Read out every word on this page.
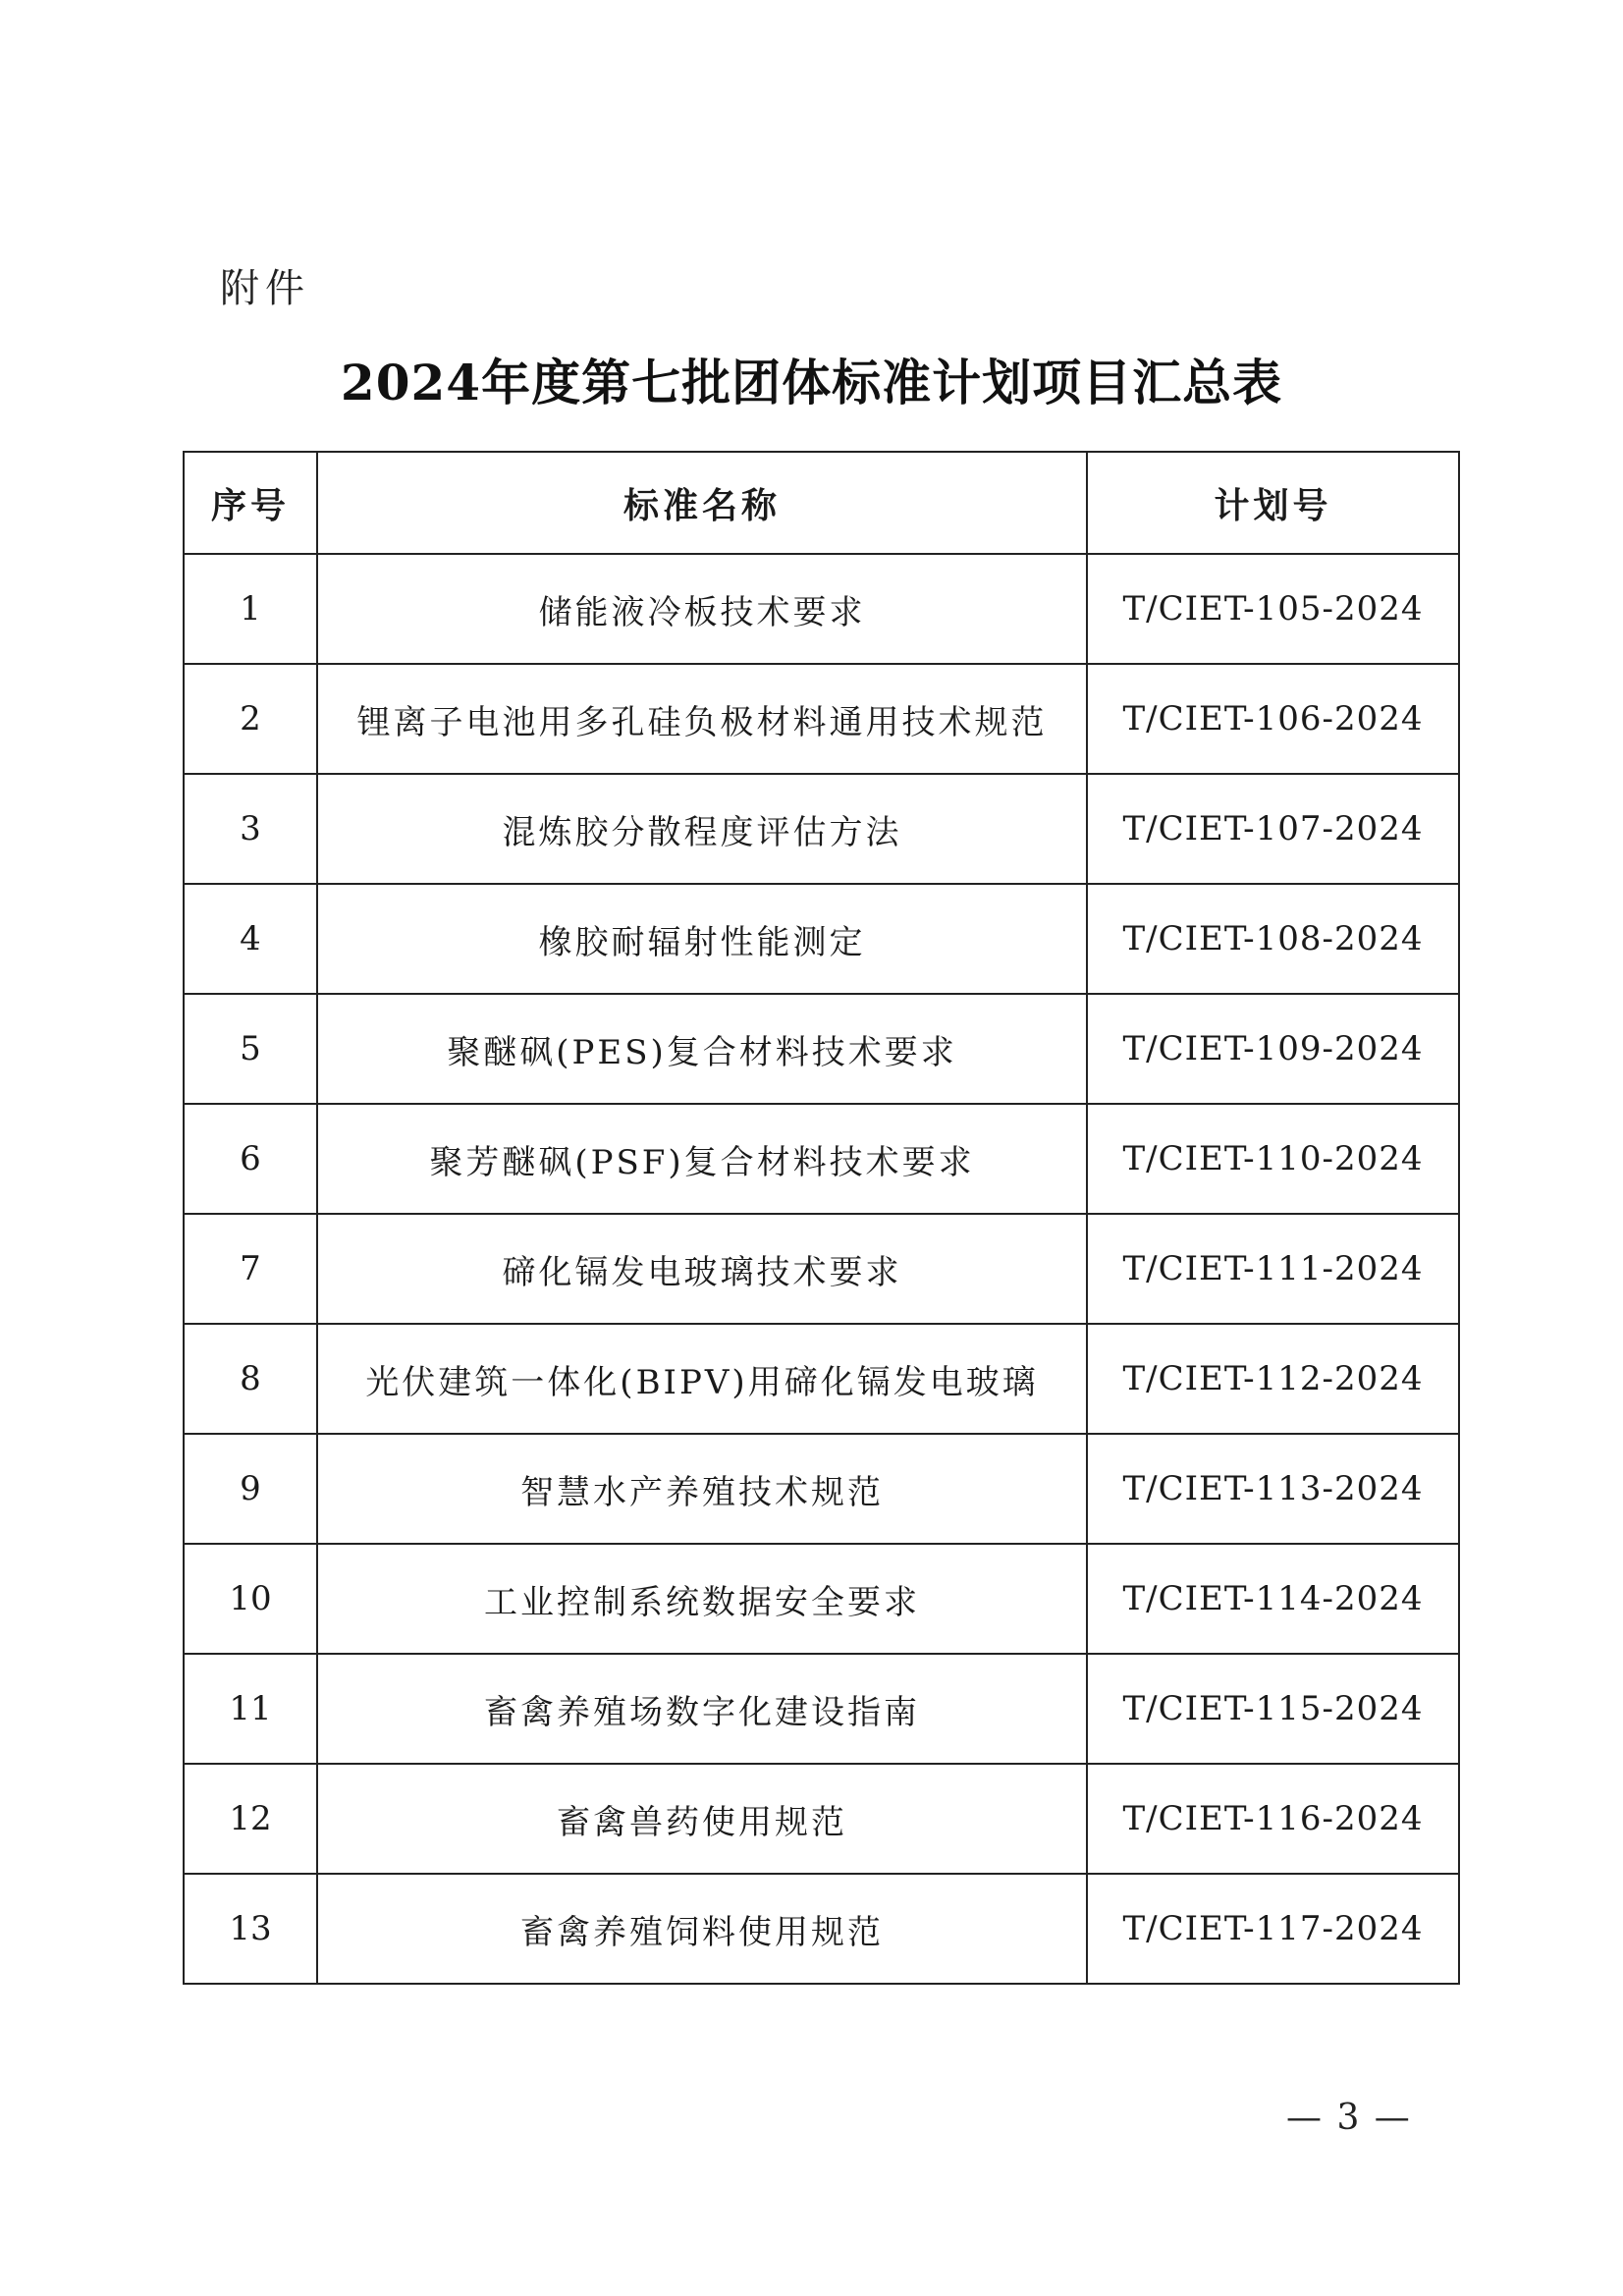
附件
2024年度第七批团体标准计划项目汇总表
序号	标准名称	计划号
1	储能液冷板技术要求	T/CIET-105-2024
2	锂离子电池用多孔硅负极材料通用技术规范	T/CIET-106-2024
3	混炼胶分散程度评估方法	T/CIET-107-2024
4	橡胶耐辐射性能测定	T/CIET-108-2024
5	聚醚砜(PES)复合材料技术要求	T/CIET-109-2024
6	聚芳醚砜(PSF)复合材料技术要求	T/CIET-110-2024
7	碲化镉发电玻璃技术要求	T/CIET-111-2024
8	光伏建筑一体化(BIPV)用碲化镉发电玻璃	T/CIET-112-2024
9	智慧水产养殖技术规范	T/CIET-113-2024
10	工业控制系统数据安全要求	T/CIET-114-2024
11	畜禽养殖场数字化建设指南	T/CIET-115-2024
12	畜禽兽药使用规范	T/CIET-116-2024
13	畜禽养殖饲料使用规范	T/CIET-117-2024
— 3 —
